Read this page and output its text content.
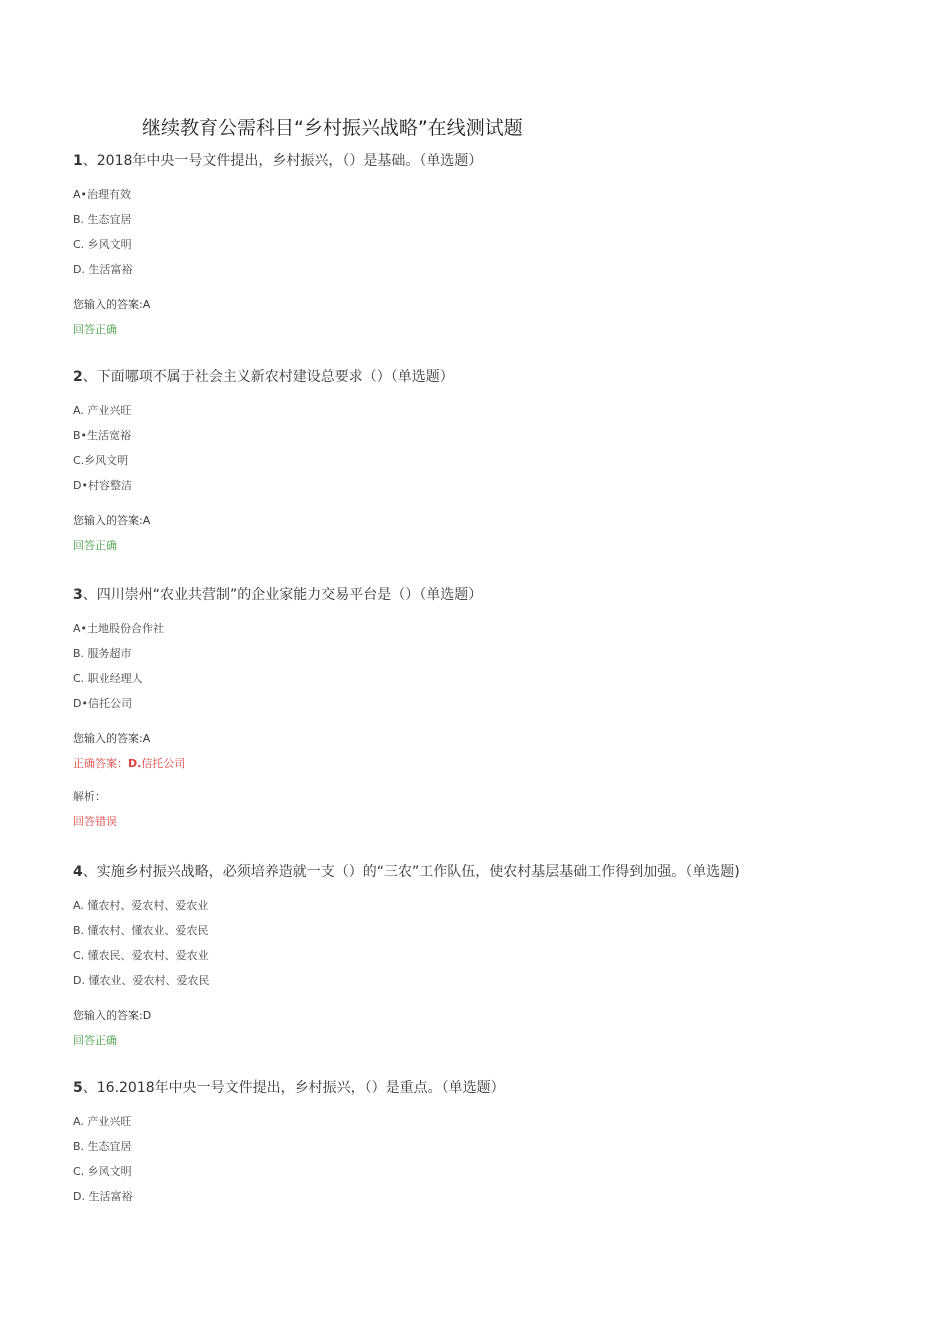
继续教育公需科目“乡村振兴战略”在线测试题
1、2018年中央一号文件提出，乡村振兴，（）是基础。（单选题）
A•治理有效
B. 生态宜居
C. 乡风文明
D. 生活富裕
您输入的答案:A
回答正确
2、下面哪项不属于社会主义新农村建设总要求（）（单选题）
A. 产业兴旺
B•生活宽裕
C.乡风文明
D•村容整洁
您输入的答案:A
回答正确
3、四川崇州“农业共营制”的企业家能力交易平台是（）（单选题）
A•土地股份合作社
B. 服务超市
C. 职业经理人
D•信托公司
您输入的答案:A
正确答案：D.信托公司
解析：
回答错误
4、实施乡村振兴战略，必须培养造就一支（）的“三农”工作队伍，使农村基层基础工作得到加强。（单选题)
A. 懂农村、爱农村、爱农业
B. 懂农村、懂农业、爱农民
C. 懂农民、爱农村、爱农业
D. 懂农业、爱农村、爱农民
您输入的答案:D
回答正确
5、16.2018年中央一号文件提出，乡村振兴，（）是重点。（单选题）
A. 产业兴旺
B. 生态宜居
C. 乡风文明
D. 生活富裕
